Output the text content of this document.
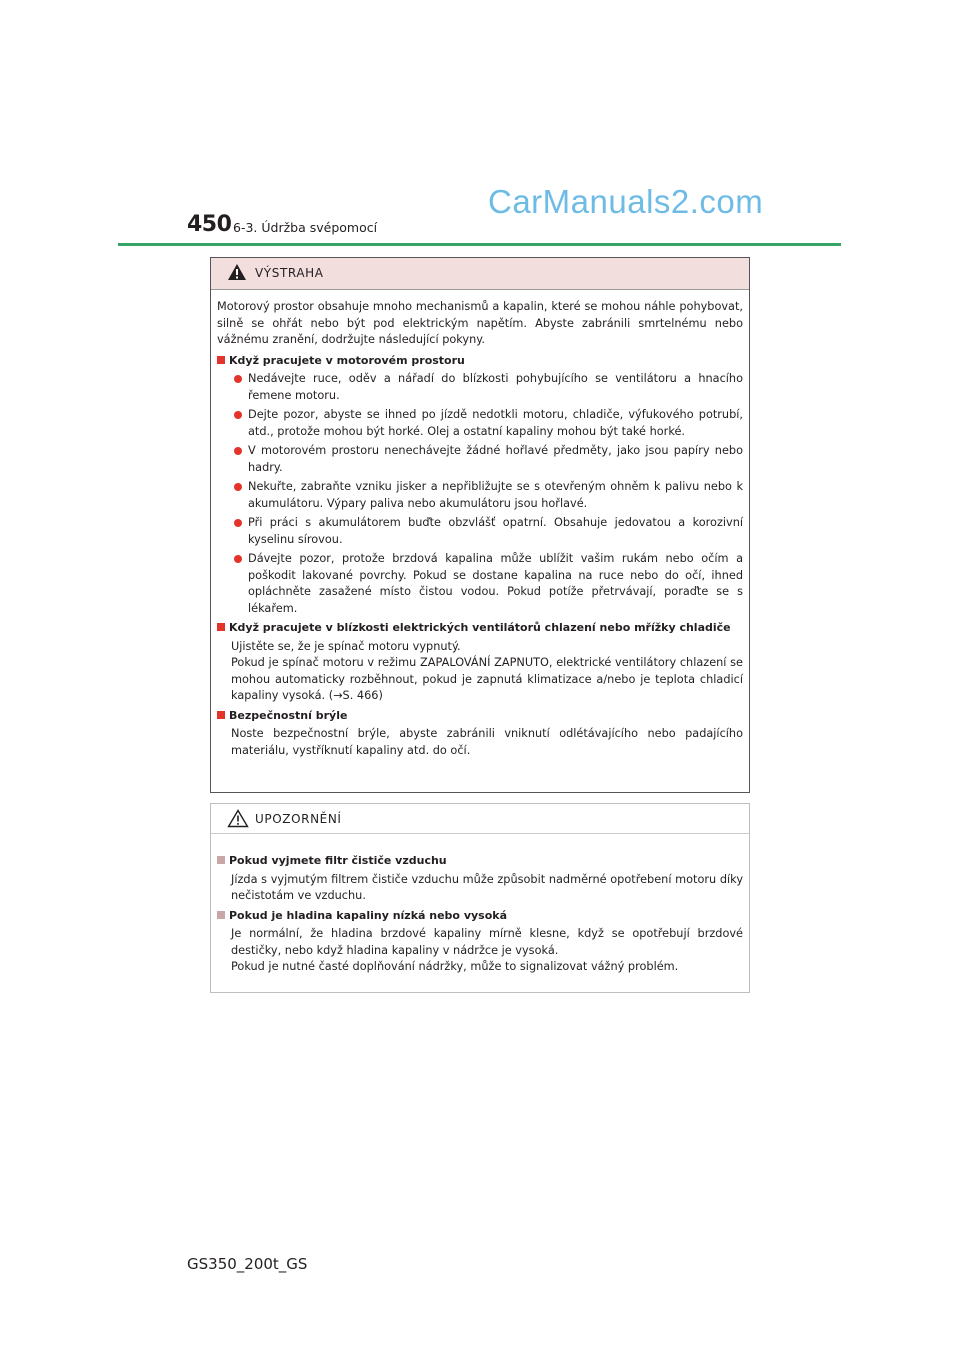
450 6-3. Údržba svépomocí
CarManuals2.com
VÝSTRAHA

Motorový prostor obsahuje mnoho mechanismů a kapalin, které se mohou náhle pohybovat, silně se ohřát nebo být pod elektrickým napětím. Abyste zabránili smrtelnému nebo vážnému zranění, dodržujte následující pokyny.

Když pracujete v motorovém prostoru
Nedávejte ruce, oděv a nářadí do blízkosti pohybujícího se ventilátoru a hnacího řemene motoru.
Dejte pozor, abyste se ihned po jízdě nedotkli motoru, chladiče, výfukového potrubí, atd., protože mohou být horké. Olej a ostatní kapaliny mohou být také horké.
V motorovém prostoru nenechávejte žádné hořlavé předměty, jako jsou papíry nebo hadry.
Nekuřte, zabraňte vzniku jisker a nepřibližujte se s otevřeným ohněm k palivu nebo k akumulátoru. Výpary paliva nebo akumulátoru jsou hořlavé.
Při práci s akumulátorem buďte obzvlášť opatrní. Obsahuje jedovatou a korozivní kyselinu sírovou.
Dávejte pozor, protože brzdová kapalina může ublížit vašim rukám nebo očím a poškodit lakované povrchy. Pokud se dostane kapalina na ruce nebo do očí, ihned opláchněte zasažené místo čistou vodou. Pokud potíže přetrvávají, poraďte se s lékařem.
Když pracujete v blízkosti elektrických ventilátorů chlazení nebo mřížky chladiče
Ujistěte se, že je spínač motoru vypnutý.
Pokud je spínač motoru v režimu ZAPALOVÁNÍ ZAPNUTO, elektrické ventilátory chlazení se mohou automaticky rozběhnout, pokud je zapnutá klimatizace a/nebo je teplota chladicí kapaliny vysoká. (→S. 466)
Bezpečnostní brýle
Noste bezpečnostní brýle, abyste zabránili vniknutí odlétávajícího nebo padajícího materiálu, vystříknutí kapaliny atd. do očí.
UPOZORNĚNÍ
Pokud vyjmete filtr čističe vzduchu
Jízda s vyjmutým filtrem čističe vzduchu může způsobit nadměrné opotřebení motoru díky nečistotám ve vzduchu.
Pokud je hladina kapaliny nízká nebo vysoká
Je normální, že hladina brzdové kapaliny mírně klesne, když se opotřebují brzdové destičky, nebo když hladina kapaliny v nádržce je vysoká.
Pokud je nutné časté doplňování nádržky, může to signalizovat vážný problém.
GS350_200t_GS
